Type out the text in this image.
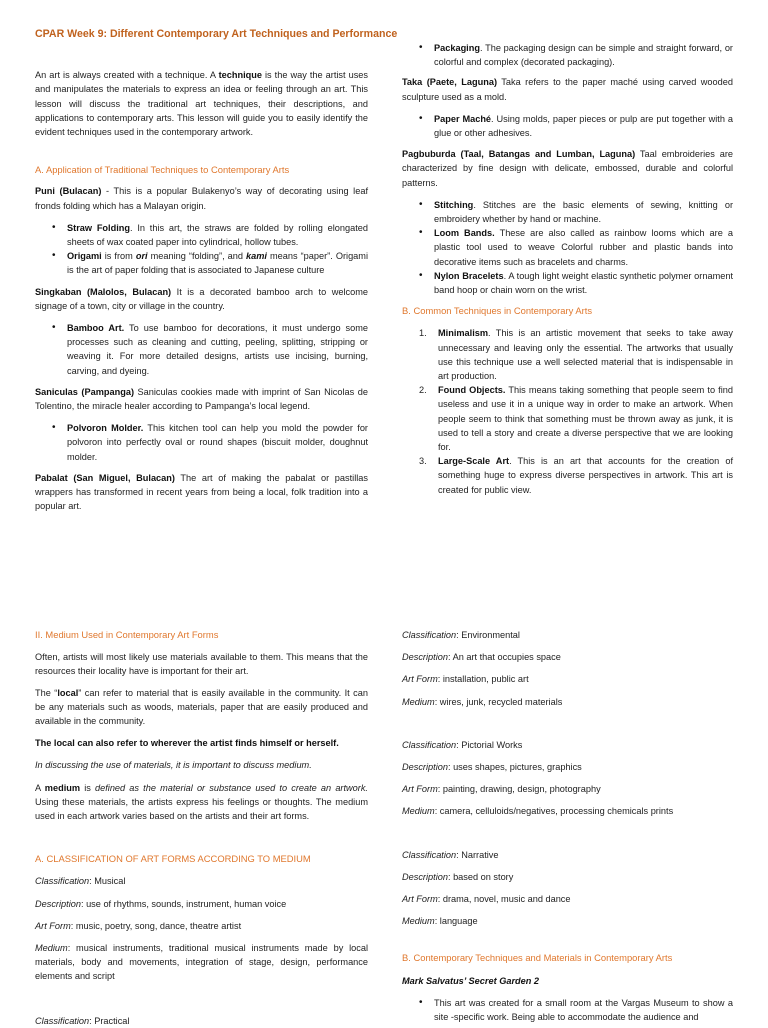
CPAR Week 9: Different Contemporary Art Techniques and Performance

An art is always created with a technique. A technique is the way the artist uses and manipulates the materials to express an idea or feeling through an art. This lesson will discuss the traditional art techniques, their descriptions, and applications to contemporary arts. This lesson will guide you to easily identify the evident techniques used in the contemporary artwork.

A. Application of Traditional Techniques to Contemporary Arts

Puni (Bulacan) - This is a popular Bulakenyo’s way of decorating using leaf fronds folding which has a Malayan origin.

• Straw Folding. In this art, the straws are folded by rolling elongated sheets of wax coated paper into cylindrical, hollow tubes.

• Origami is from ori meaning “folding”, and kami means “paper”. Origami is the art of paper folding that is associated to Japanese culture

Singkaban (Malolos, Bulacan) It is a decorated bamboo arch to welcome signage of a town, city or village in the country.

• Bamboo Art. To use bamboo for decorations, it must undergo some processes such as cleaning and cutting, peeling, splitting, stripping or weaving it. For more detailed designs, artists use incising, burning, carving, and dyeing.

Saniculas (Pampanga) Saniculas cookies made with imprint of San Nicolas de Tolentino, the miracle healer according to Pampanga’s local legend.

• Polvoron Molder. This kitchen tool can help you mold the powder for polvoron into perfectly oval or round shapes (biscuit molder, doughnut molder.

Pabalat (San Miguel, Bulacan) The art of making the pabalat or pastillas wrappers has transformed in recent years from being a local, folk tradition into a popular art.

• Packaging. The packaging design can be simple and straight forward, or colorful and complex (decorated packaging).

Taka (Paete, Laguna) Taka refers to the paper maché using carved wooded sculpture used as a mold.

• Paper Maché. Using molds, paper pieces or pulp are put together with a glue or other adhesives.

Pagbuburda (Taal, Batangas and Lumban, Laguna) Taal embroideries are characterized by fine design with delicate, embossed, durable and colorful patterns.

• Stitching. Stitches are the basic elements of sewing, knitting or embroidery whether by hand or machine.

• Loom Bands. These are also called as rainbow looms which are a plastic tool used to weave Colorful rubber and plastic bands into decorative items such as bracelets and charms.

• Nylon Bracelets. A tough light weight elastic synthetic polymer ornament band hoop or chain worn on the wrist.

B. Common Techniques in Contemporary Arts

1. Minimalism. This is an artistic movement that seeks to take away unnecessary and leaving only the essential. The artworks that usually use this technique use a well selected material that is indispensable in art production.

2. Found Objects. This means taking something that people seem to find useless and use it in a unique way in order to make an artwork. When people seem to think that something must be thrown away as junk, it is used to tell a story and create a diverse perspective that we are looking for.

3. Large-Scale Art. This is an art that accounts for the creation of something huge to express diverse perspectives in artwork. This art is created for public view.

II. Medium Used in Contemporary Art Forms

Often, artists will most likely use materials available to them. This means that the resources their locality have is important for their art.

The “local” can refer to material that is easily available in the community. It can be any materials such as woods, materials, paper that are easily produced and available in the community.

The local can also refer to wherever the artist finds himself or herself.

In discussing the use of materials, it is important to discuss medium.

A medium is defined as the material or substance used to create an artwork. Using these materials, the artists express his feelings or thoughts. The medium used in each artwork varies based on the artists and their art forms.

A. CLASSIFICATION OF ART FORMS ACCORDING TO MEDIUM

Classification: Musical

Description: use of rhythms, sounds, instrument, human voice

Art Form: music, poetry, song, dance, theatre artist

Medium: musical instruments, traditional musical instruments made by local materials, body and movements, integration of stage, design, performance elements and script

Classification: Practical

Classification: Environmental

Description: An art that occupies space

Art Form: installation, public art

Medium: wires, junk, recycled materials

Classification: Pictorial Works

Description: uses shapes, pictures, graphics

Art Form: painting, drawing, design, photography

Medium: camera, celluloids/negatives, processing chemicals prints

Classification: Narrative

Description: based on story

Art Form: drama, novel, music and dance

Medium: language

B. Contemporary Techniques and Materials in Contemporary Arts

Mark Salvatus’ Secret Garden 2

• This art was created for a small room at the Vargas Museum to show a site -specific work. Being able to accommodate the audience and
